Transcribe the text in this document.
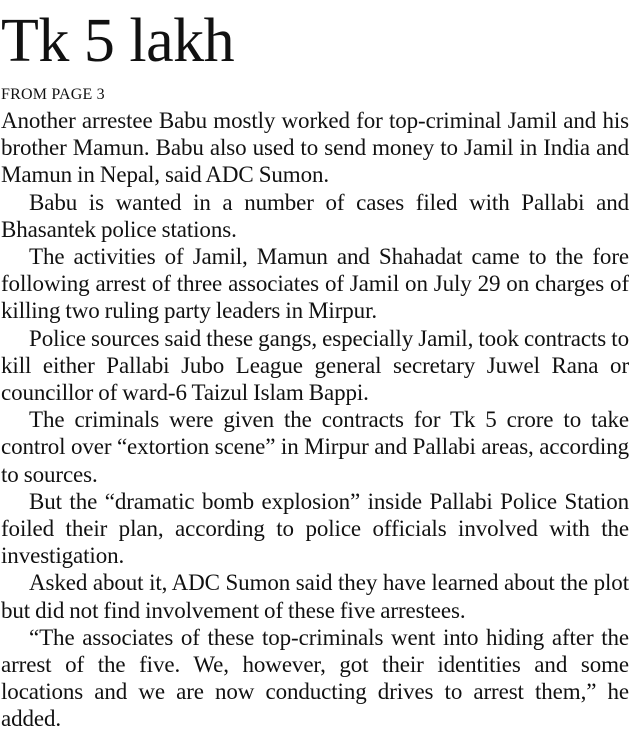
Tk 5 lakh
FROM PAGE 3

Another arrestee Babu mostly worked for top-criminal Jamil and his brother Mamun. Babu also used to send money to Jamil in India and Mamun in Nepal, said ADC Sumon.

Babu is wanted in a number of cases filed with Pallabi and Bhasantek police stations.

The activities of Jamil, Mamun and Shahadat came to the fore following arrest of three associates of Jamil on July 29 on charges of killing two ruling party leaders in Mirpur.

Police sources said these gangs, especially Jamil, took contracts to kill either Pallabi Jubo League general secretary Juwel Rana or councillor of ward-6 Taizul Islam Bappi.

The criminals were given the contracts for Tk 5 crore to take control over “extortion scene” in Mirpur and Pallabi areas, according to sources.

But the “dramatic bomb explosion” inside Pallabi Police Station foiled their plan, according to police officials involved with the investigation.

Asked about it, ADC Sumon said they have learned about the plot but did not find involvement of these five arrestees.

“The associates of these top-criminals went into hiding after the arrest of the five. We, however, got their identities and some locations and we are now conducting drives to arrest them,” he added.
